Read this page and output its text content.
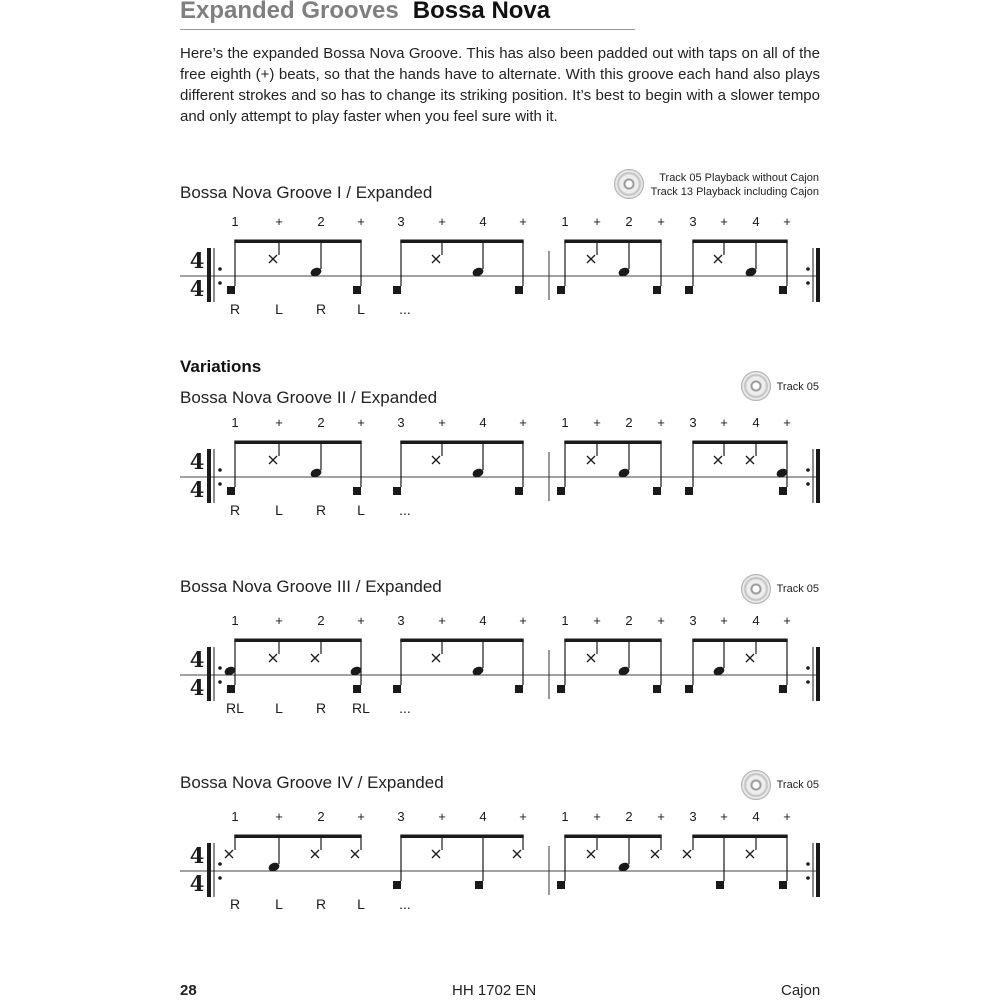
Expanded Grooves Bossa Nova
Here’s the expanded Bossa Nova Groove. This has also been padded out with taps on all of the free eighth (+) beats, so that the hands have to alternate. With this groove each hand also plays different strokes and so has to change its striking position. It’s best to begin with a slower tempo and only attempt to play faster when you feel sure with it.
Variations
Bossa Nova Groove I / Expanded
Track 05 Playback without Cajon
Track 13 Playback including Cajon
4
4
1	+	2	+	3	+	4	+	1 + 2 + 3 + 4 +
R	L R L ...
Bossa Nova Groove II / Expanded
Track 05
4
4
1	+	2	+	3	+	4	+	1 + 2 + 3 + 4 +
R	L R L ...
Bossa Nova Groove III / Expanded	Track 05
4
4
1	+	2	+	3	+	4	+	1 + 2 + 3 + 4 +
RL L R RL ...
Bossa Nova Groove IV / Expanded	Track 05
4
4
1	+	2	+	3	+	4	+	1 + 2 + 3 + 4 +
R	L R L ...
28	HH 1702 EN	Cajon
